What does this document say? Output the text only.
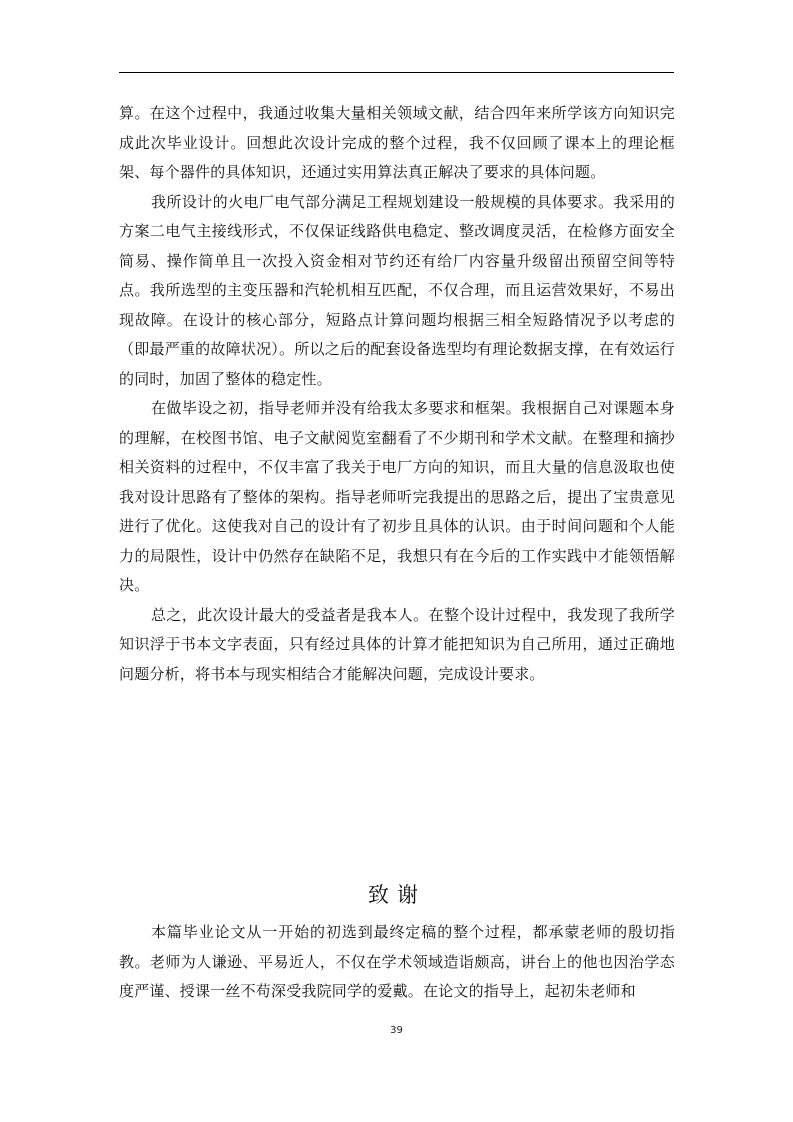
算。在这个过程中，我通过收集大量相关领域文献，结合四年来所学该方向知识完成此次毕业设计。回想此次设计完成的整个过程，我不仅回顾了课本上的理论框架、每个器件的具体知识，还通过实用算法真正解决了要求的具体问题。

我所设计的火电厂电气部分满足工程规划建设一般规模的具体要求。我采用的方案二电气主接线形式，不仅保证线路供电稳定、整改调度灵活，在检修方面安全简易、操作简单且一次投入资金相对节约还有给厂内容量升级留出预留空间等特点。我所选型的主变压器和汽轮机相互匹配，不仅合理，而且运营效果好，不易出现故障。在设计的核心部分，短路点计算问题均根据三相全短路情况予以考虑的（即最严重的故障状况）。所以之后的配套设备选型均有理论数据支撑，在有效运行的同时，加固了整体的稳定性。

在做毕设之初，指导老师并没有给我太多要求和框架。我根据自己对课题本身的理解，在校图书馆、电子文献阅览室翻看了不少期刊和学术文献。在整理和摘抄相关资料的过程中，不仅丰富了我关于电厂方向的知识，而且大量的信息汲取也使我对设计思路有了整体的架构。指导老师听完我提出的思路之后，提出了宝贵意见进行了优化。这使我对自己的设计有了初步且具体的认识。由于时间问题和个人能力的局限性，设计中仍然存在缺陷不足，我想只有在今后的工作实践中才能领悟解决。

总之，此次设计最大的受益者是我本人。在整个设计过程中，我发现了我所学知识浮于书本文字表面，只有经过具体的计算才能把知识为自己所用，通过正确地问题分析，将书本与现实相结合才能解决问题，完成设计要求。

致谢

本篇毕业论文从一开始的初选到最终定稿的整个过程，都承蒙老师的殷切指教。老师为人谦逊、平易近人，不仅在学术领域造诣颇高，讲台上的他也因治学态度严谨、授课一丝不苟深受我院同学的爱戴。在论文的指导上，起初朱老师和

39
